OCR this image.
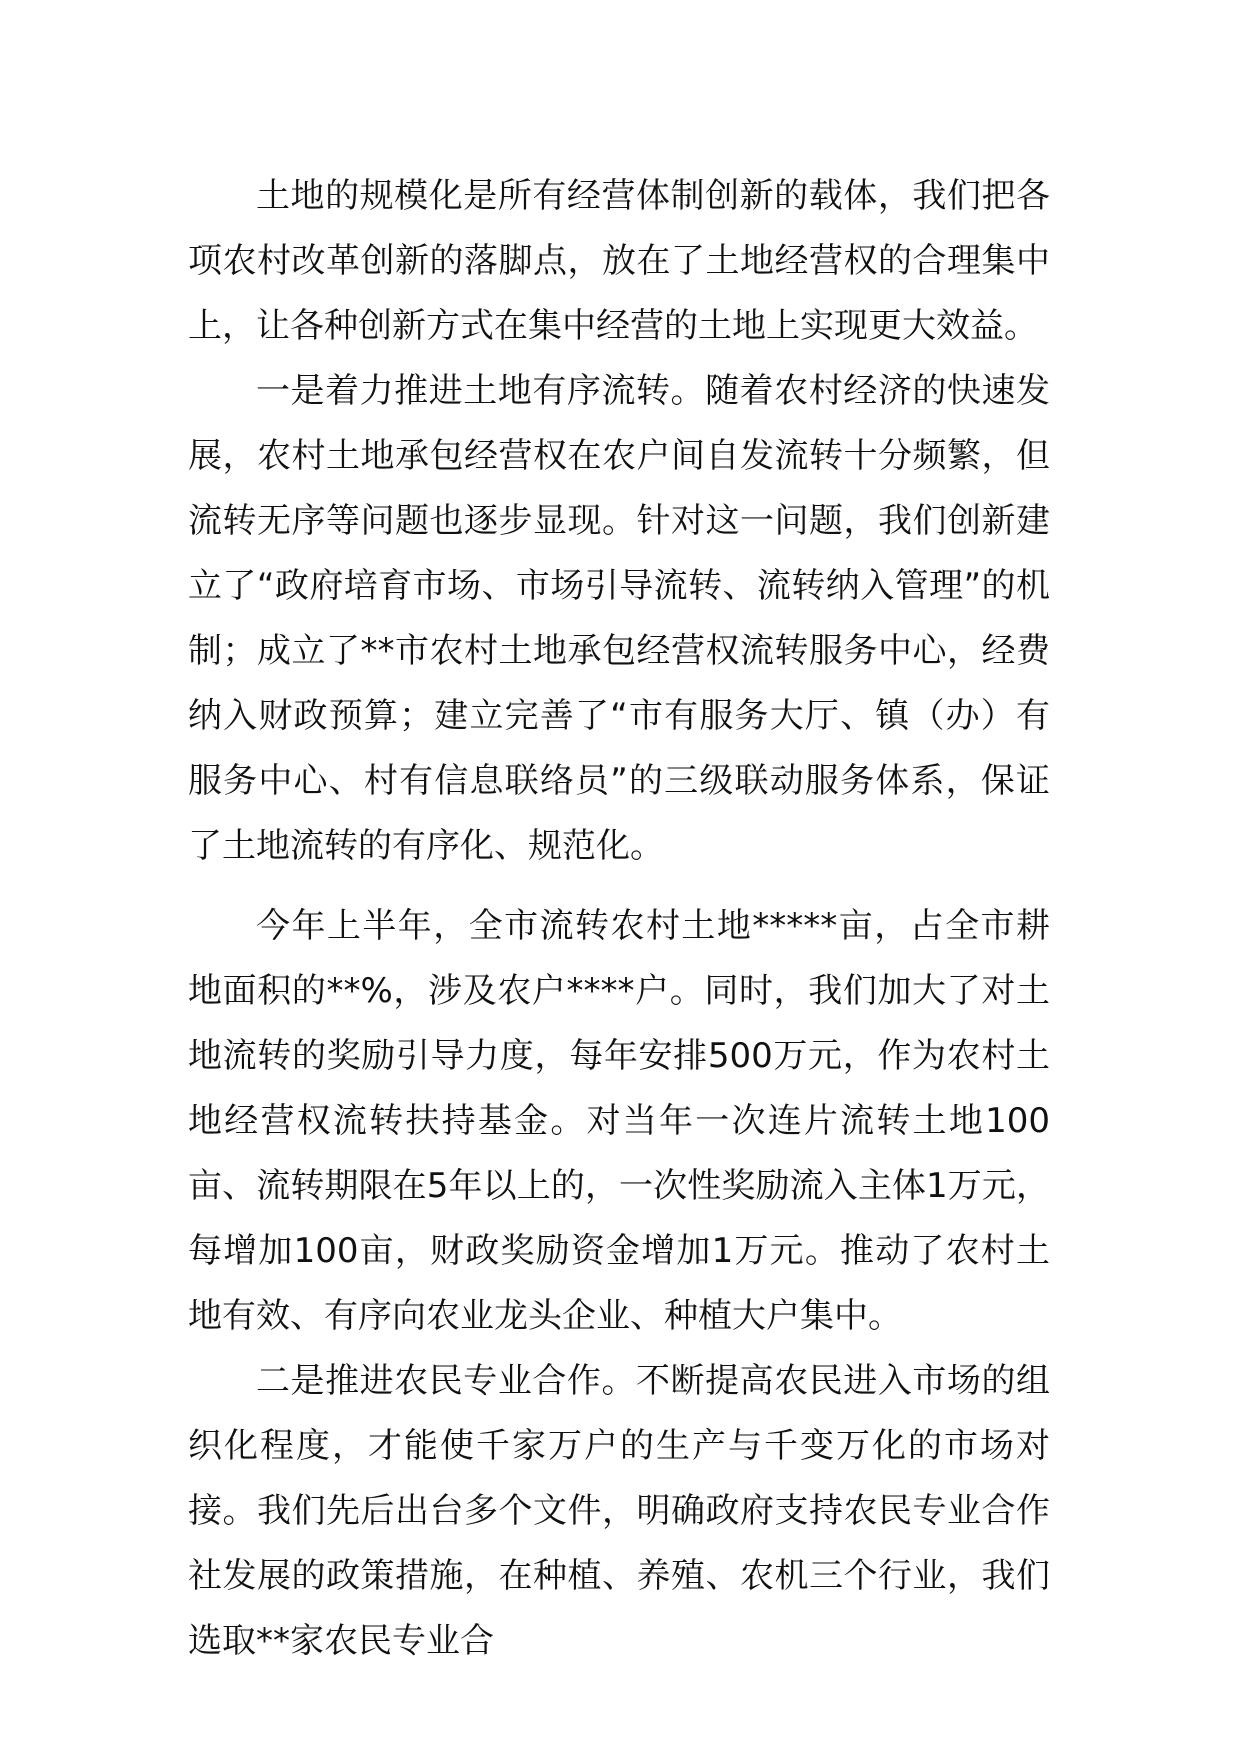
土地的规模化是所有经营体制创新的载体，我们把各项农村改革创新的落脚点，放在了土地经营权的合理集中上，让各种创新方式在集中经营的土地上实现更大效益。

一是着力推进土地有序流转。随着农村经济的快速发展，农村土地承包经营权在农户间自发流转十分频繁，但流转无序等问题也逐步显现。针对这一问题，我们创新建立了“政府培育市场、市场引导流转、流转纳入管理”的机制；成立了**市农村土地承包经营权流转服务中心，经费纳入财政预算；建立完善了“市有服务大厅、镇（办）有服务中心、村有信息联络员”的三级联动服务体系，保证了土地流转的有序化、规范化。

今年上半年，全市流转农村土地*****亩，占全市耕地面积的**%，涉及农户****户。同时，我们加大了对土地流转的奖励引导力度，每年安排500万元，作为农村土地经营权流转扶持基金。对当年一次连片流转土地100亩、流转期限在5年以上的，一次性奖励流入主体1万元，每增加100亩，财政奖励资金增加1万元。推动了农村土地有效、有序向农业龙头企业、种植大户集中。

二是推进农民专业合作。不断提高农民进入市场的组织化程度，才能使千家万户的生产与千变万化的市场对接。我们先后出台多个文件，明确政府支持农民专业合作社发展的政策措施，在种植、养殖、农机三个行业，我们选取**家农民专业合
